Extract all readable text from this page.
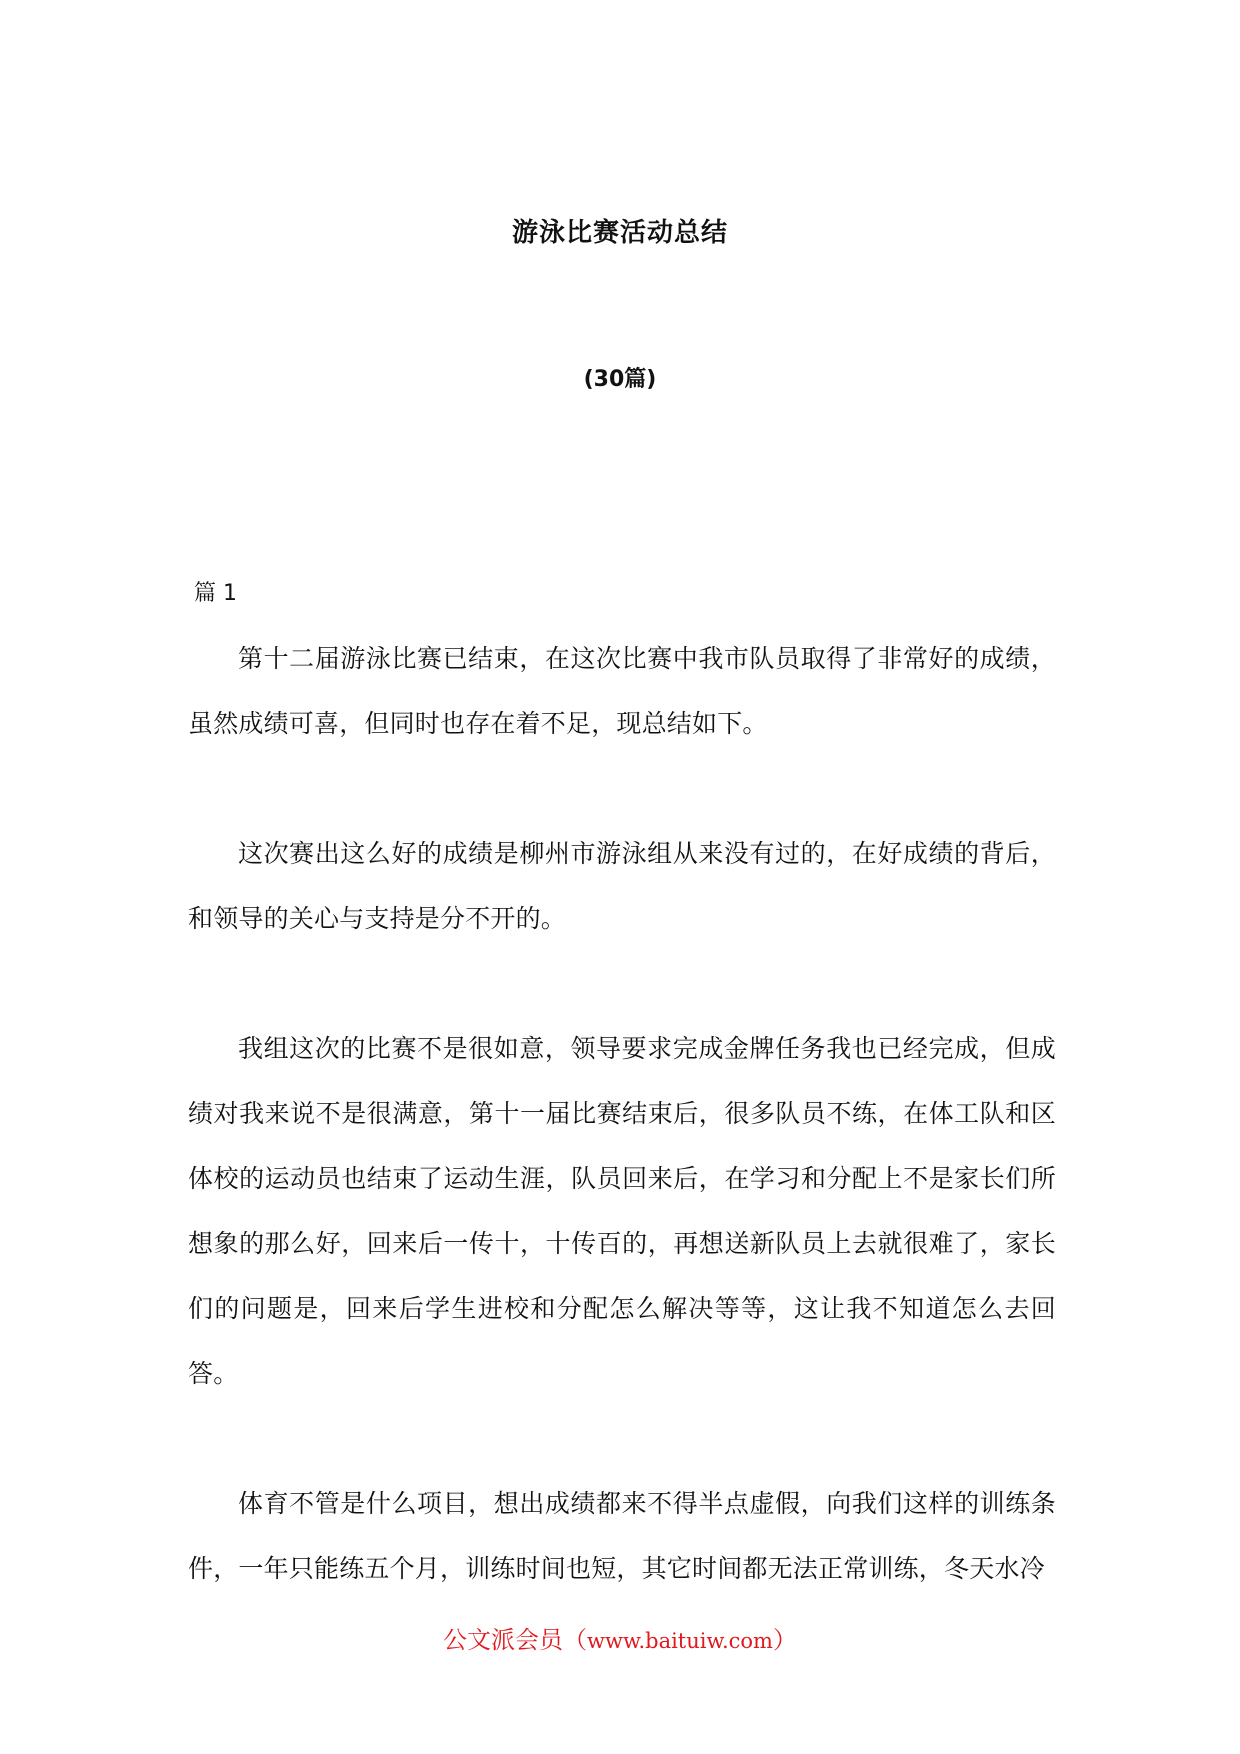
游泳比赛活动总结
(30篇)
篇 1

第十二届游泳比赛已结束，在这次比赛中我市队员取得了非常好的成绩，虽然成绩可喜，但同时也存在着不足，现总结如下。

这次赛出这么好的成绩是柳州市游泳组从来没有过的，在好成绩的背后，和领导的关心与支持是分不开的。

我组这次的比赛不是很如意，领导要求完成金牌任务我也已经完成，但成绩对我来说不是很满意，第十一届比赛结束后，很多队员不练，在体工队和区体校的运动员也结束了运动生涯，队员回来后，在学习和分配上不是家长们所想象的那么好，回来后一传十，十传百的，再想送新队员上去就很难了，家长们的问题是，回来后学生进校和分配怎么解决等等，这让我不知道怎么去回答。

体育不管是什么项目，想出成绩都来不得半点虚假，向我们这样的训练条件，一年只能练五个月，训练时间也短，其它时间都无法正常训练，冬天水冷

公文派会员（www.baituiw.com）
